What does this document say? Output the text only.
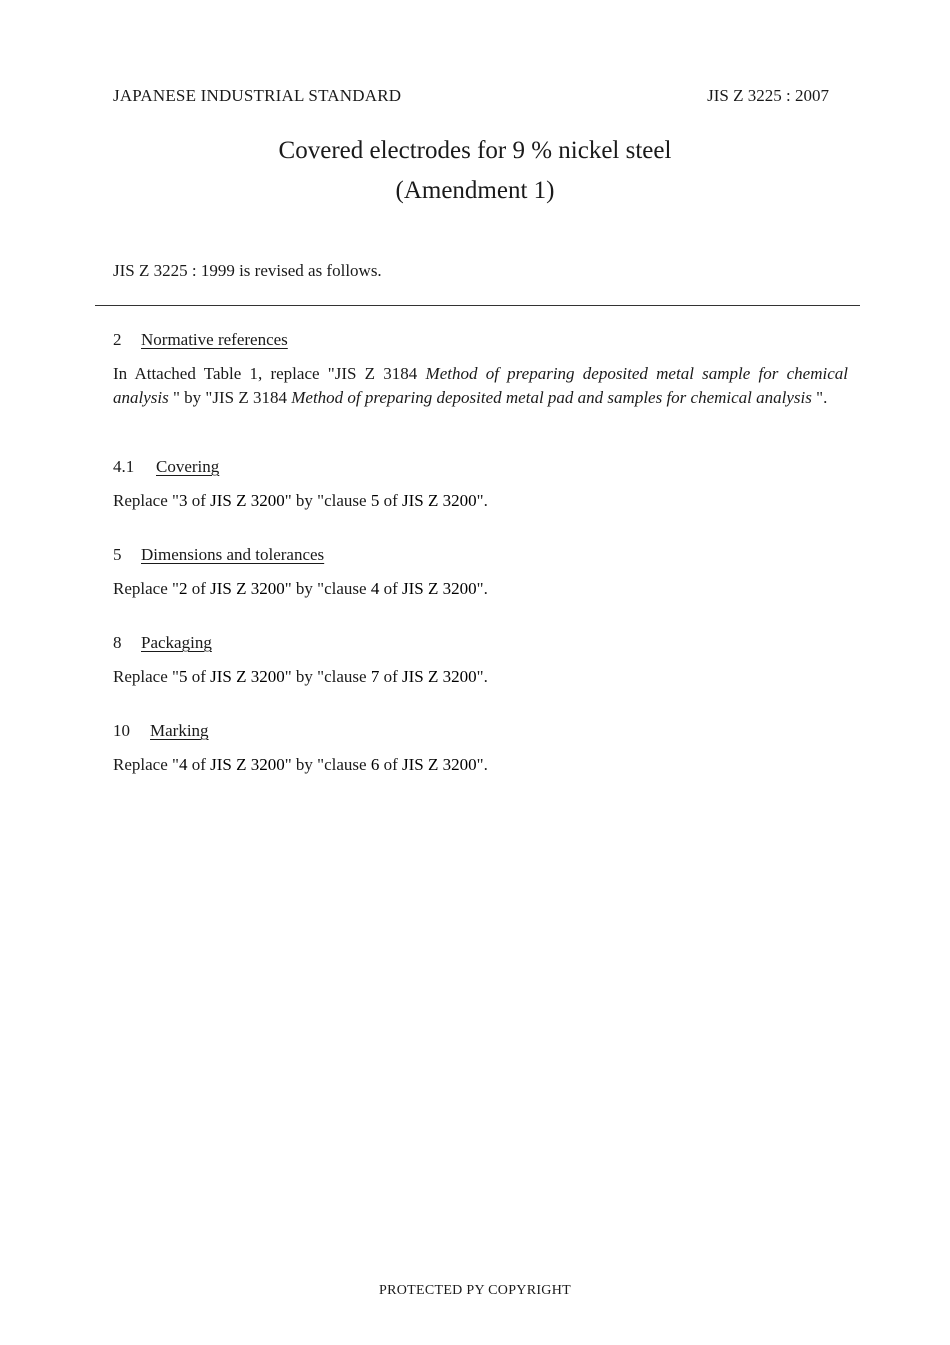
JAPANESE INDUSTRIAL STANDARD	JIS Z 3225 : 2007
Covered electrodes for 9 % nickel steel
(Amendment 1)
JIS Z 3225 : 1999 is revised as follows.
2 Normative references
In Attached Table 1, replace "JIS Z 3184 Method of preparing deposited metal sample for chemical analysis " by "JIS Z 3184 Method of preparing deposited metal pad and samples for chemical analysis ".
4.1 Covering
Replace "3 of JIS Z 3200" by "clause 5 of JIS Z 3200".
5 Dimensions and tolerances
Replace "2 of JIS Z 3200" by "clause 4 of JIS Z 3200".
8 Packaging
Replace "5 of JIS Z 3200" by "clause 7 of JIS Z 3200".
10 Marking
Replace "4 of JIS Z 3200" by "clause 6 of JIS Z 3200".
PROTECTED PY COPYRIGHT
